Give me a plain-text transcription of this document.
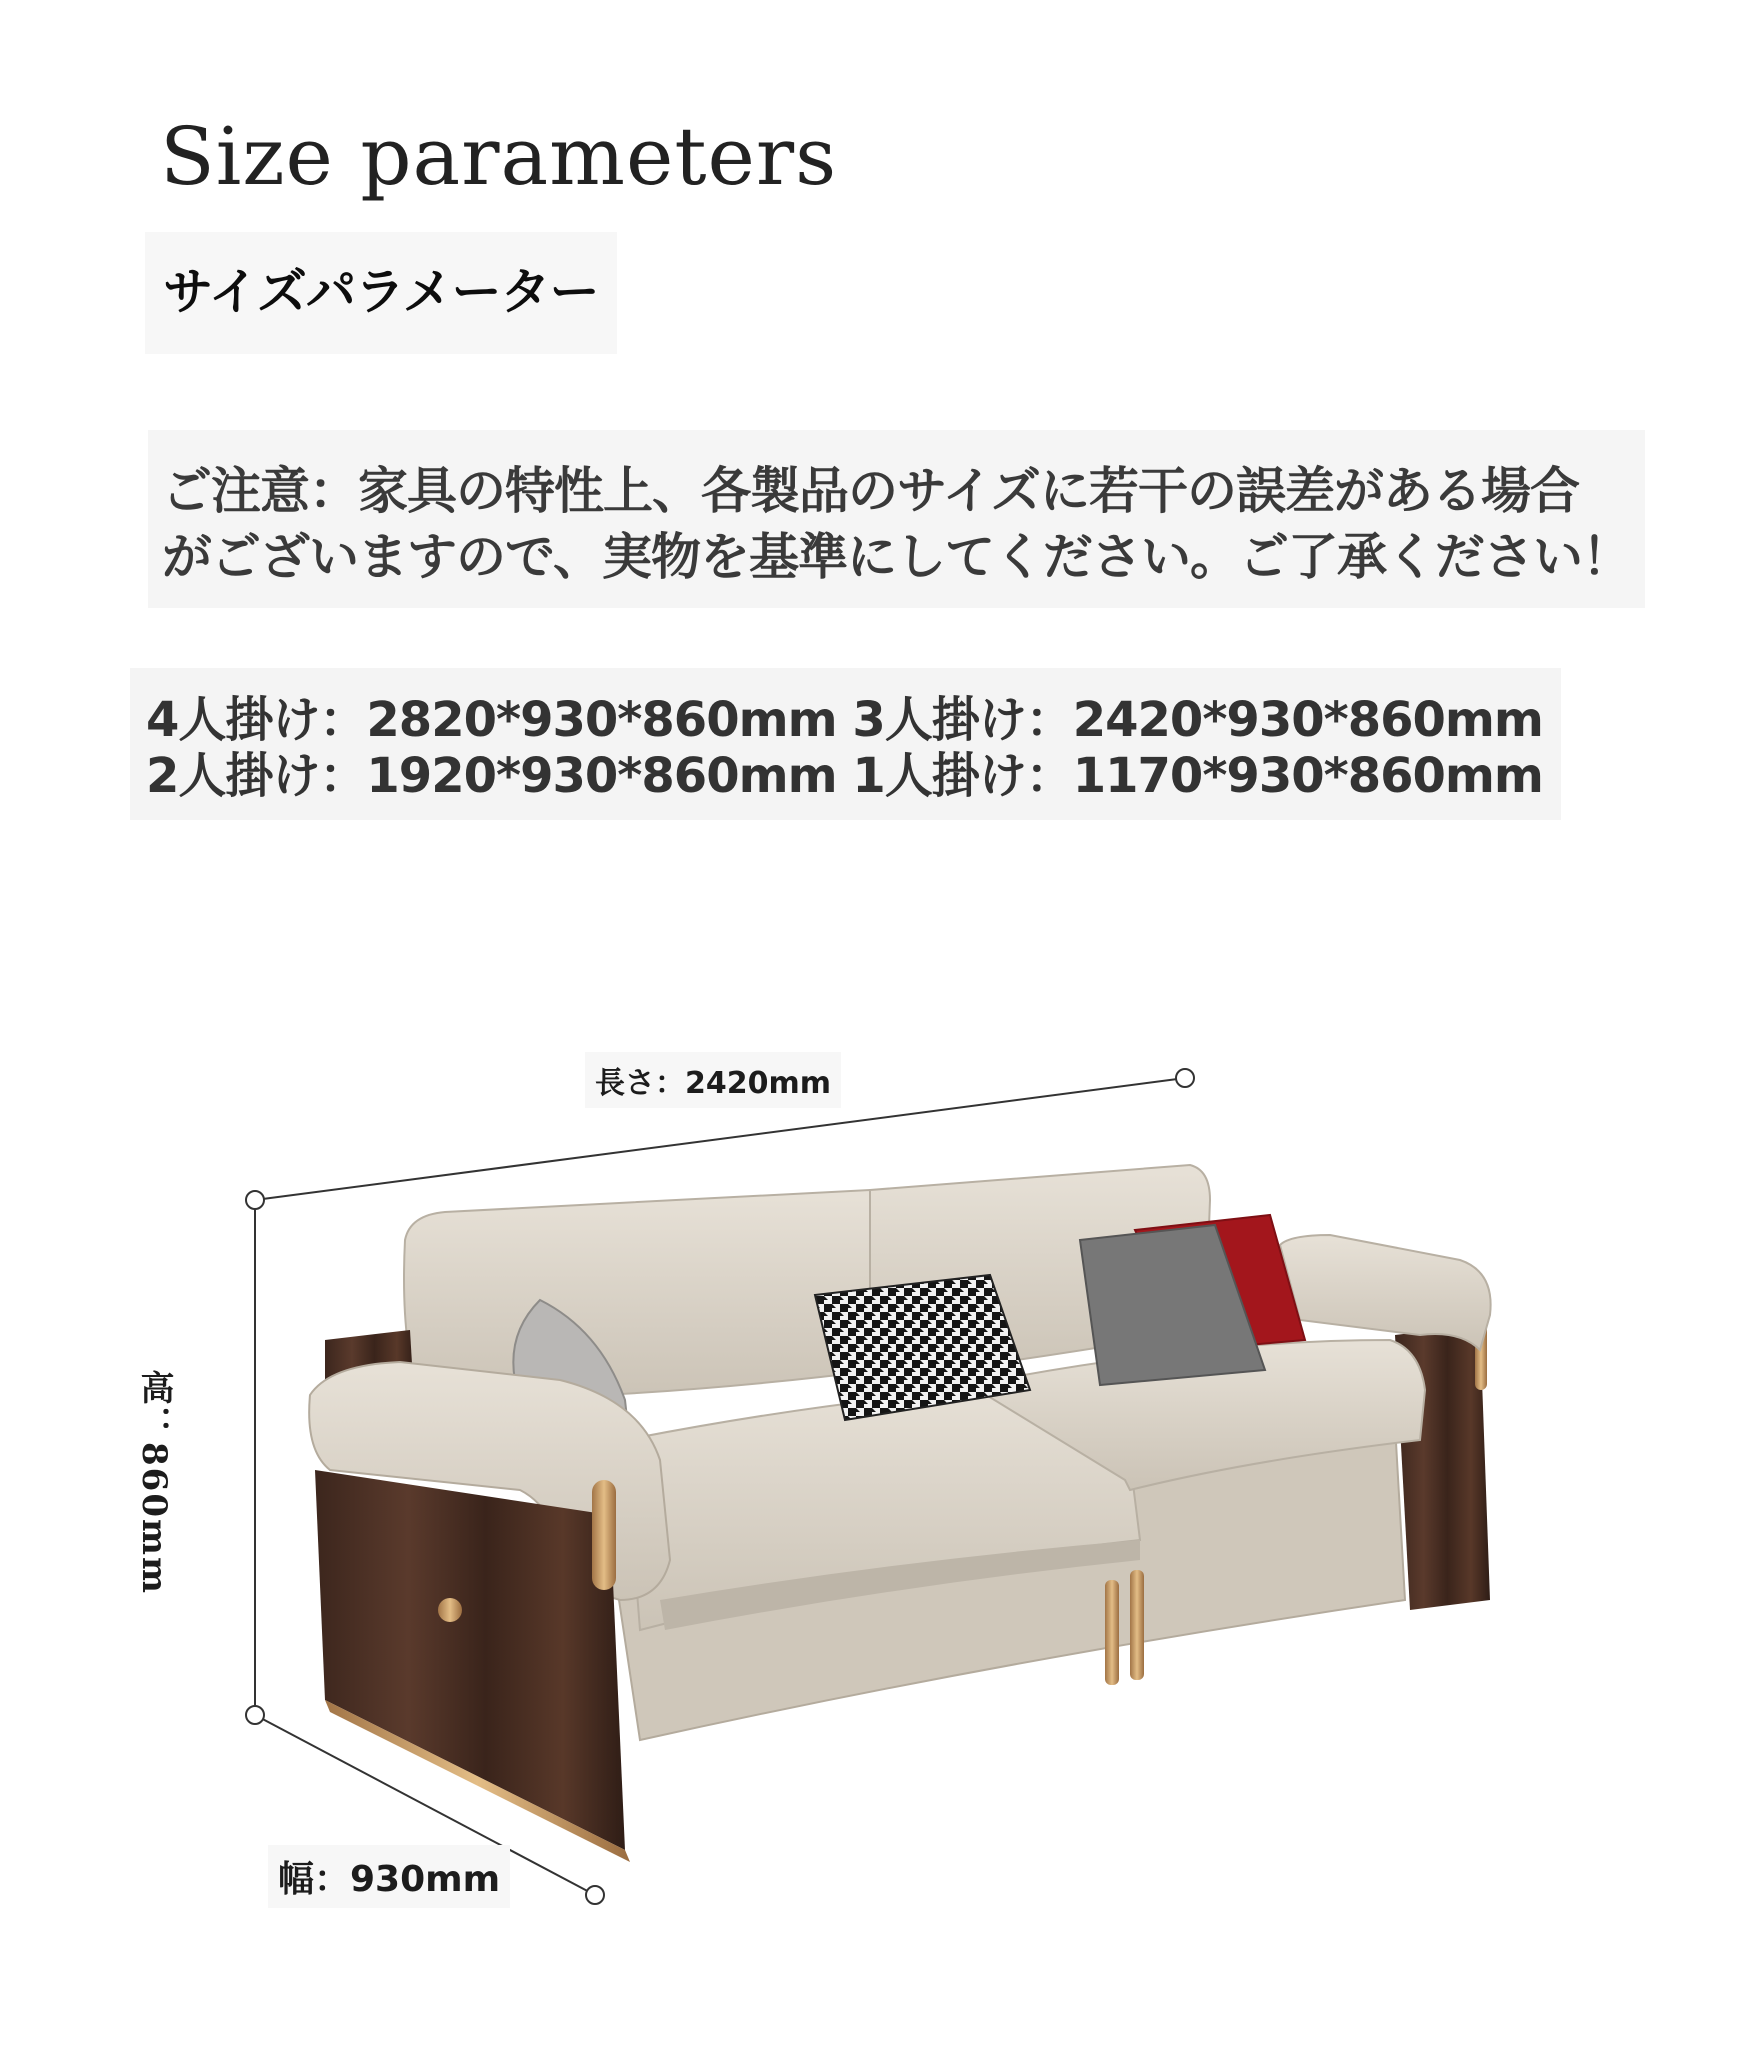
Size parameters
サイズパラメーター
ご注意：家具の特性上、各製品のサイズに若干の誤差がある場合
がございますので、実物を基準にしてください。ご了承ください！
4人掛け：2820*930*860mm 3人掛け：2420*930*860mm
2人掛け：1920*930*860mm 1人掛け：1170*930*860mm
長さ：2420mm
高：860mm
幅：930mm
